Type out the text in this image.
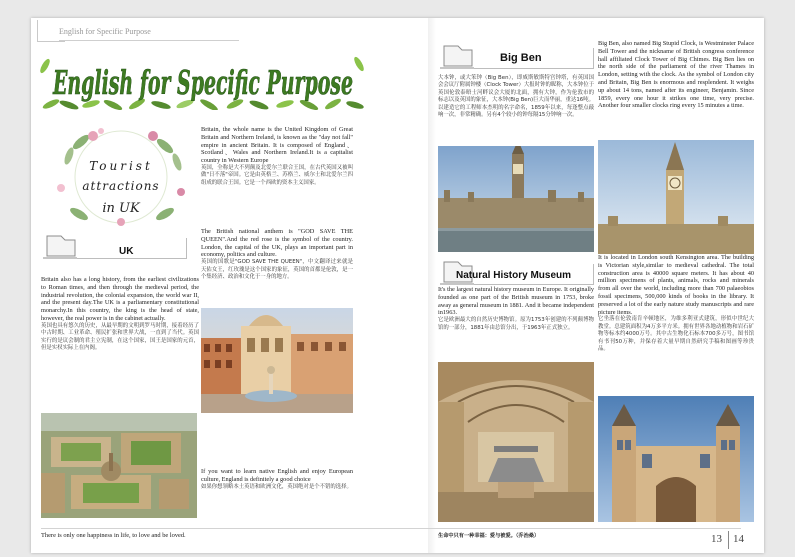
English for Specific Purpose
English for Specific Purpose
Tourist
attractions
in UK

Britain, the whole name is the United Kingdom of Great Britain and Northern Ireland, is known as the "day not fall" empire in ancient Britain. It is composed of England、Scotland、Wales and Northern Ireland.It is a capitalist country in Western Europe

英国，全称是大不列颠及北爱尔兰联合王国，在古代英国又被叫做"日不落"帝国。它是由英格兰、苏格兰、威尔士和北爱尔兰四组成的联合王国。它是一个西欧的资本主义国家。

UK

The British national anthem is "GOD SAVE THE QUEEN".And the red rose is the symbol of the country. London, the capital of the UK, plays an important part in economy, politics and culture.

英国的国歌是"GOD SAVE THE QUEEN"，中文翻译过来就是天佑女王，红玫瑰是这个国家的象征，英国的首都是伦敦，是一个集经济、政治和文化于一身的地方。

Britain also has a long history, from the earliest civilizations to Roman times, and then through the medieval period, the industrial revolution, the colonial expansion, the world war II, and the present day.The UK is a parliamentary constitutional monarchy.In this country, the king is the head of state, however, the real power is in the cabinet actually.

英国也具有悠久的历史，从最早期的文明到罗马时期，接着经历了中古时期、工业革命、殖民扩张和世界大战，一直到了当代。英国实行的是议会制的君主立宪制，在这个国家，国王是国家的元首，但是实权实际上在内阁。

If you want to learn native English and enjoy European culture, England is definitely a good choice

如果你想领略本土英语和欧洲文化，英国绝对是个不错的选择。

Big Ben

大本钟，或大笨钟（Big Ben），即威斯敏斯特宫钟塔，有英国国会会议厅附属钟楼（Clock Tower）大报时钟的昵称，大本钟位于英国伦敦泰晤士河畔议会大厦的北面，拥有大钟，作为伦敦市的标志以及英国的象征，大本钟(Big Ben)巨大而华丽，重达16吨。以建造它的工程师本杰明的名字命名，1859年以来，每逢整点敲响一次，非常精确。另有4个较小的钟每隔15分钟响一次。

Big Ben, also named Big Stupid Clock, is Westminster Palace Bell Tower and the nickname of British congress conference hall affiliated Clock Tower of Big Chimes. Big Ben lies on the north side of the parliament of the river Thames in London, setting with the clock. As the symbol of London city and Britain, Big Ben is enormous and resplendent. It weighs up about 14 tons, named after its engineer, Benjamin. Since 1859, every one hour it strikes one time, very precise. Another four smaller clocks ring every 15 minutes a time.

Natural History Museum

It is located in London south Kensington area. The building is Victorian style,similar to medieval cathedral. The total construction area is 40000 square meters. It has about 40 million specimens of plants, animals, rocks and minerals from all over the world, including more than 700 palaeobios fossil specimens, 500,000 kinds of books in the library. It preserved a lot of the early nature study manuscripts and rare picture items.

它坐落在伦敦南肯辛顿地区，为维多利亚式建筑，形似中世纪大教堂。总建筑面积为4万多平方米。拥有世界各地动植物和岩石矿物等标本约4000万号。其中古生物化石标本700多万号，图书馆有书刊50万种，并保存着大量早期自然研究手稿和图画等珍贵品。

It's the largest natural history museum in Europe. It originally founded as one part of the British museum in 1753, broke away as general museum in 1881. And it became independent in1963.

它是欧洲最大的自然历史博物馆。原为1753年创建的不列颠博物馆的一部分，1881年由总馆分出，于1963年正式独立。

There is only one happiness in life, to love and be loved.	生命中只有一种幸福：爱与被爱。（乔治桑）	13 14
